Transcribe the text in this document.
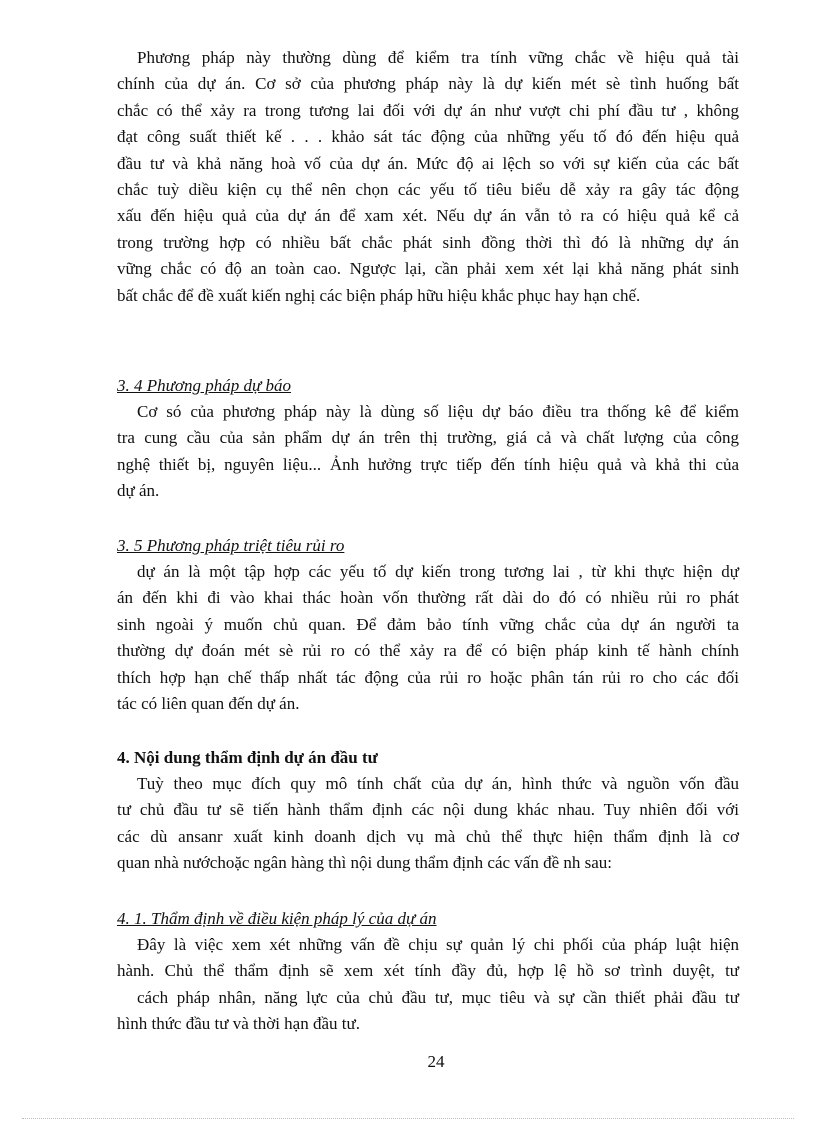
Phương pháp này thường dùng để kiểm tra tính vững chắc về hiệu quả tài
chính của dự án. Cơ sở của phương pháp này là dự kiến mét sè tình huống bất
chắc có thể xảy ra trong tương lai đối với dự án như vượt chi phí đầu tư , không
đạt công suất thiết kế . . . khảo sát tác động của những yếu tố đó đến hiệu quả
đầu tư và khả năng hoà vố của dự án. Mức độ ai lệch so với sự kiến của các bất
chắc tuỳ diều kiện cụ thể nên chọn các yếu tố tiêu biểu dễ xảy ra gây tác động
xấu đến hiệu quả của dự án để xam xét. Nếu dự án vẫn tỏ ra có hiệu quả kể cả
trong trường hợp có nhiều bất chắc phát sinh đồng thời thì đó là những dự án
vững chắc có độ an toàn cao. Ngược lại, cần phải xem xét lại khả năng phát sinh
bất chắc để đề xuất kiến nghị các biện pháp hữu hiệu khắc phục hay hạn chế.

3. 4 Phương pháp dự báo

Cơ só của phương pháp này là dùng số liệu dự báo điều tra thống kê để kiểm
tra cung cầu của sản phẩm dự án trên thị trường, giá cả và chất lượng của công
nghệ thiết bị, nguyên liệu... Ảnh hưởng trực tiếp đến tính hiệu quả và khả thi của
dự án.

3. 5 Phương pháp triệt tiêu rủi ro

dự án là một tập hợp các yếu tố dự kiến trong tương lai , từ khi thực hiện dự
án đến khi đi vào khai thác hoàn vốn thường rất dài do đó có nhiều rủi ro phát
sinh ngoài ý muốn chủ quan. Để đảm bảo tính vững chắc của dự án người ta
thường dự đoán mét sè rủi ro có thể xảy ra để có biện pháp kinh tế hành chính
thích hợp hạn chế thấp nhất tác động của rủi ro hoặc phân tán rủi ro cho các đối
tác có liên quan đến dự án.

4. Nội dung thẩm định dự án đầu tư

Tuỳ theo mục đích quy mô tính chất của dự án, hình thức và nguồn vốn đầu
tư chủ đầu tư sẽ tiến hành thẩm định các nội dung khác nhau. Tuy nhiên đối với
các dù ansanr xuất kinh doanh dịch vụ mà chủ thể thực hiện thẩm định là cơ
quan nhà nướchoặc ngân hàng thì nội dung thẩm định các vấn đề nh sau:

4. 1. Thẩm định về điều kiện pháp lý của dự án

Đây là việc xem xét những vấn đề chịu sự quản lý chi phối của pháp luật hiện
hành. Chủ thể thẩm định sẽ xem xét tính đầy đủ, hợp lệ hồ sơ trình duyệt, tư
cách pháp nhân, năng lực của chủ đầu tư, mục tiêu và sự cần thiết phải đầu tư
hình thức đầu tư và thời hạn đầu tư.

24
